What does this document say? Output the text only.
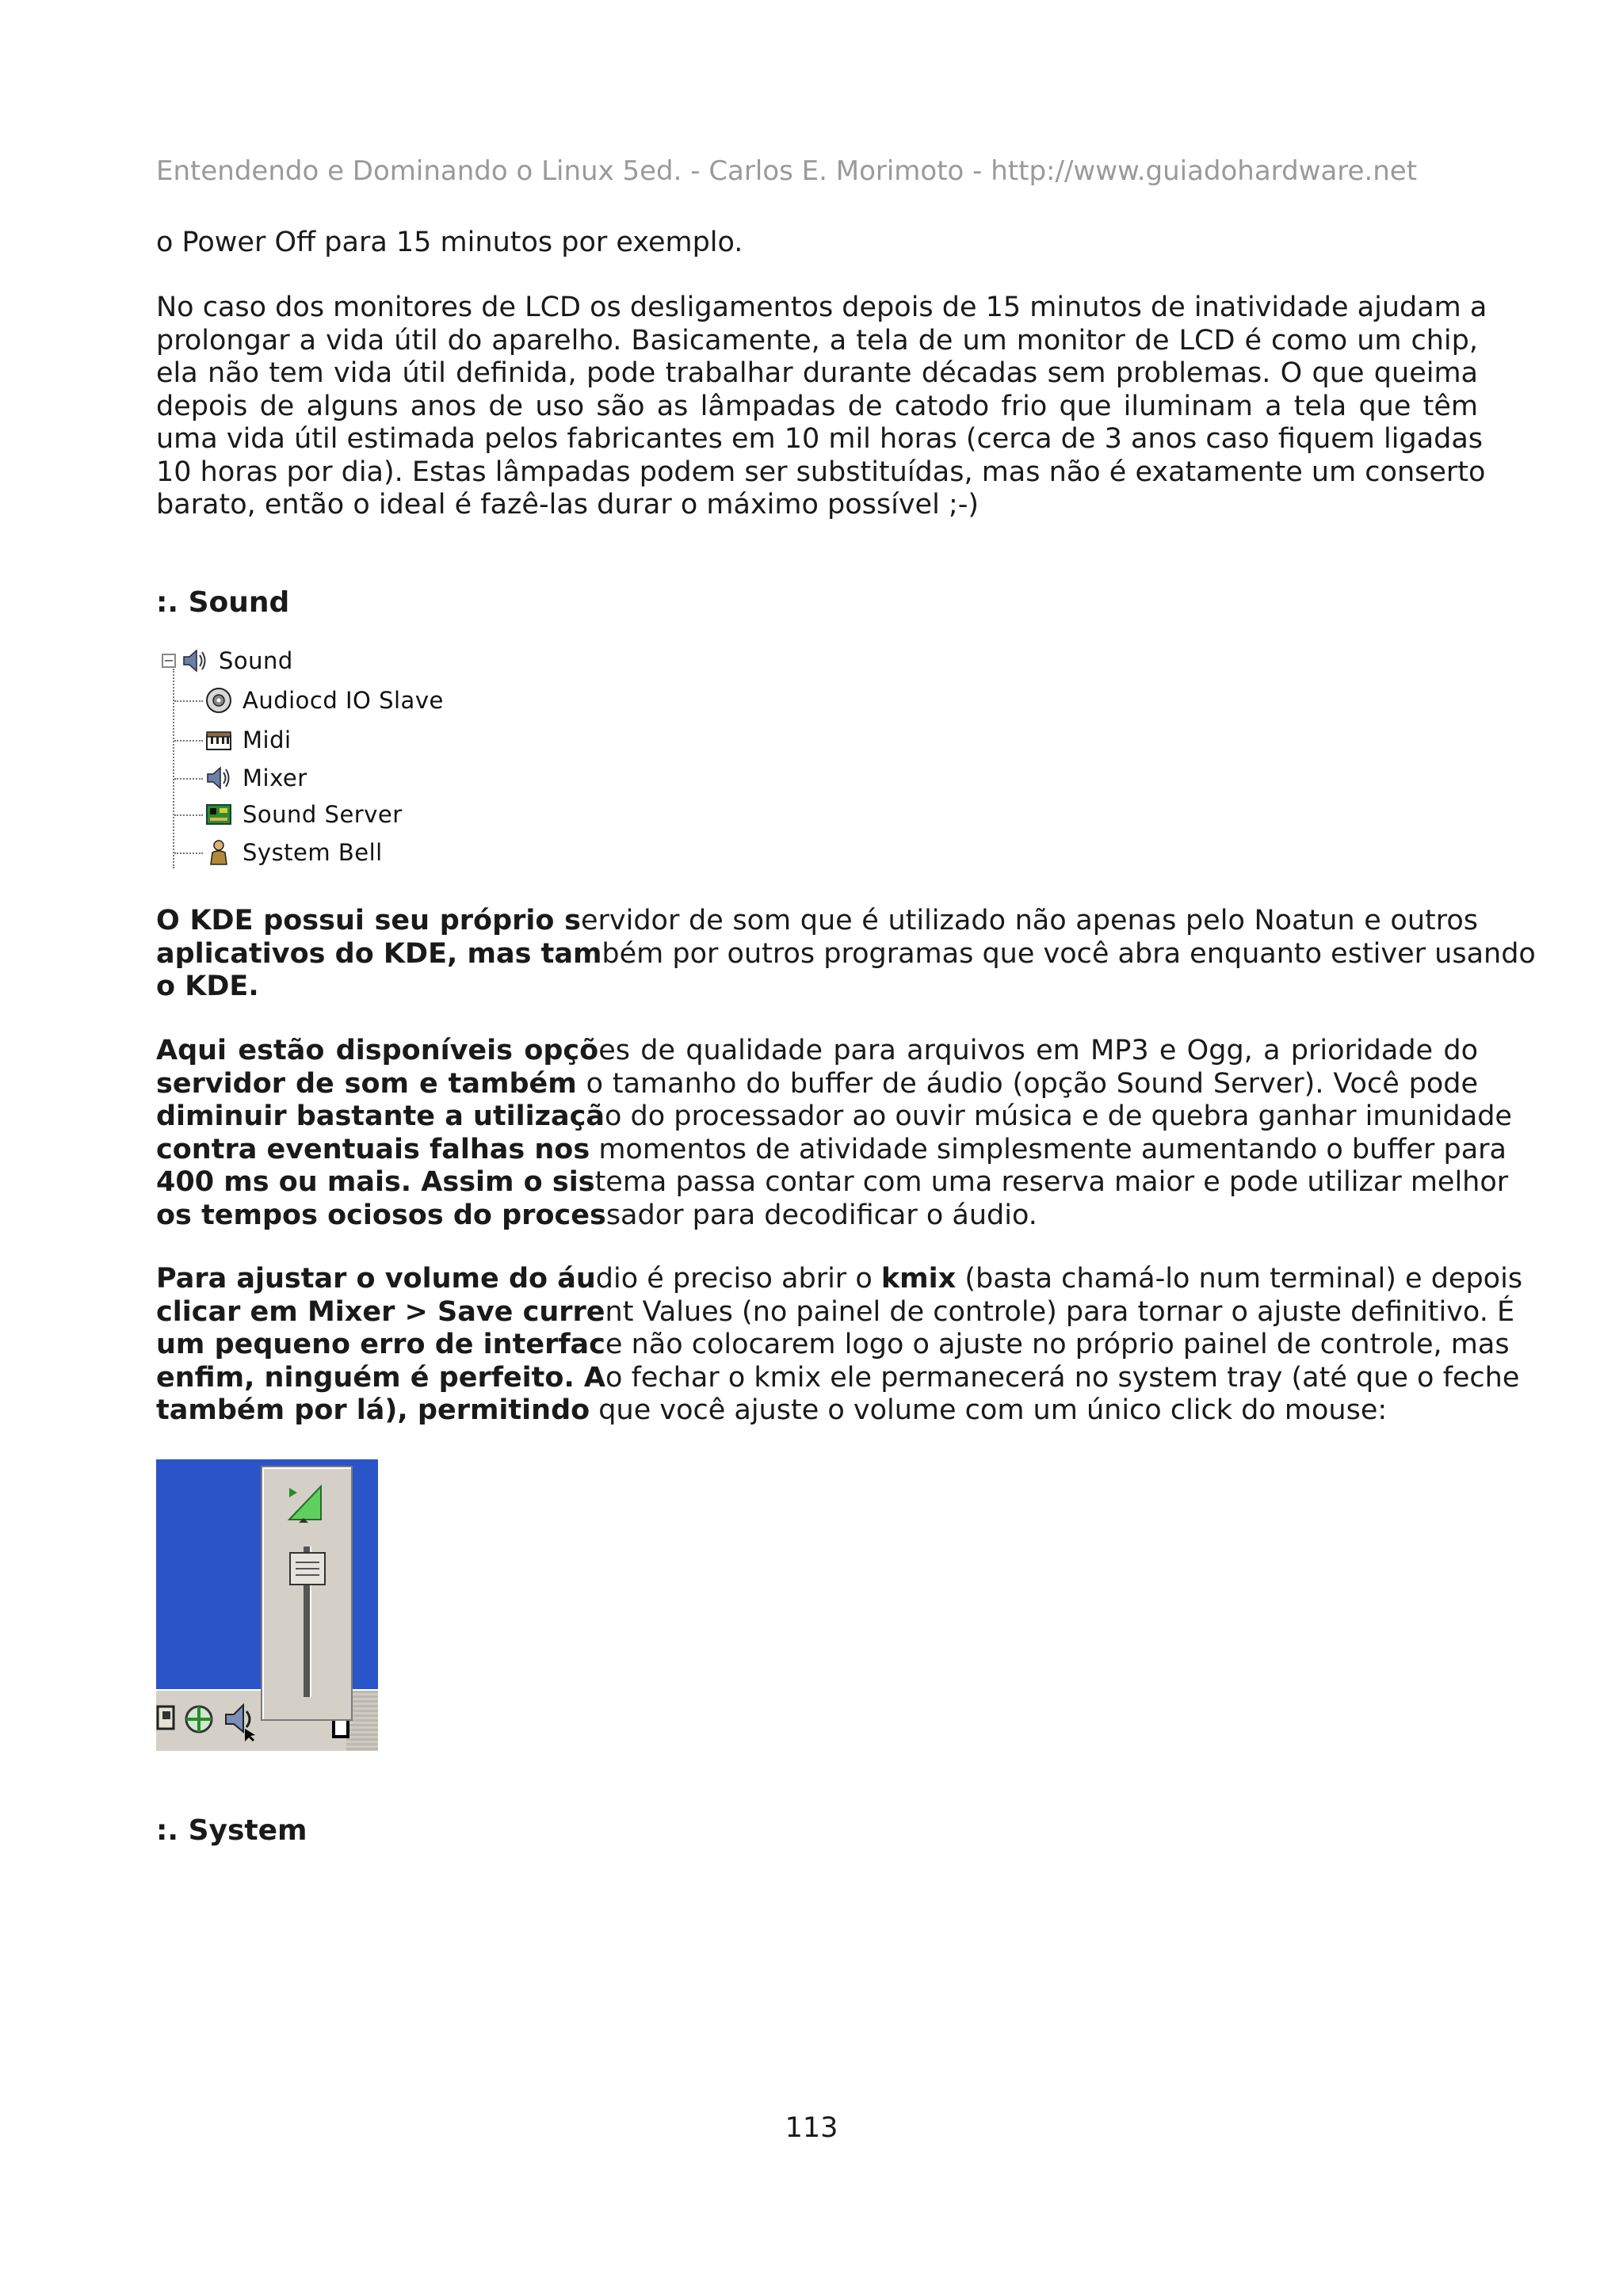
Entendendo e Dominando o Linux 5ed. - Carlos E. Morimoto - http://www.guiadohardware.net

o Power Off para 15 minutos por exemplo.

No caso dos monitores de LCD os desligamentos depois de 15 minutos de inatividade ajudam a
prolongar a vida útil do aparelho. Basicamente, a tela de um monitor de LCD é como um chip,
ela não tem vida útil definida, pode trabalhar durante décadas sem problemas. O que queima
depois de alguns anos de uso são as lâmpadas de catodo frio que iluminam a tela que têm
uma vida útil estimada pelos fabricantes em 10 mil horas (cerca de 3 anos caso fiquem ligadas
10 horas por dia). Estas lâmpadas podem ser substituídas, mas não é exatamente um conserto
barato, então o ideal é fazê-las durar o máximo possível ;-)

:. Sound
− Sound
Audiocd IO Slave
Midi
Mixer
Sound Server
System Bell

O KDE possui seu próprio servidor de som que é utilizado não apenas pelo Noatun e outros
aplicativos do KDE, mas também por outros programas que você abra enquanto estiver usando
o KDE.

Aqui estão disponíveis opções de qualidade para arquivos em MP3 e Ogg, a prioridade do
servidor de som e também o tamanho do buffer de áudio (opção Sound Server). Você pode
diminuir bastante a utilização do processador ao ouvir música e de quebra ganhar imunidade
contra eventuais falhas nos momentos de atividade simplesmente aumentando o buffer para
400 ms ou mais. Assim o sistema passa contar com uma reserva maior e pode utilizar melhor
os tempos ociosos do processador para decodificar o áudio.

Para ajustar o volume do áudio é preciso abrir o kmix (basta chamá-lo num terminal) e depois
clicar em Mixer > Save current Values (no painel de controle) para tornar o ajuste definitivo. É
um pequeno erro de interface não colocarem logo o ajuste no próprio painel de controle, mas
enfim, ninguém é perfeito. Ao fechar o kmix ele permanecerá no system tray (até que o feche
também por lá), permitindo que você ajuste o volume com um único click do mouse:

:. System
113
